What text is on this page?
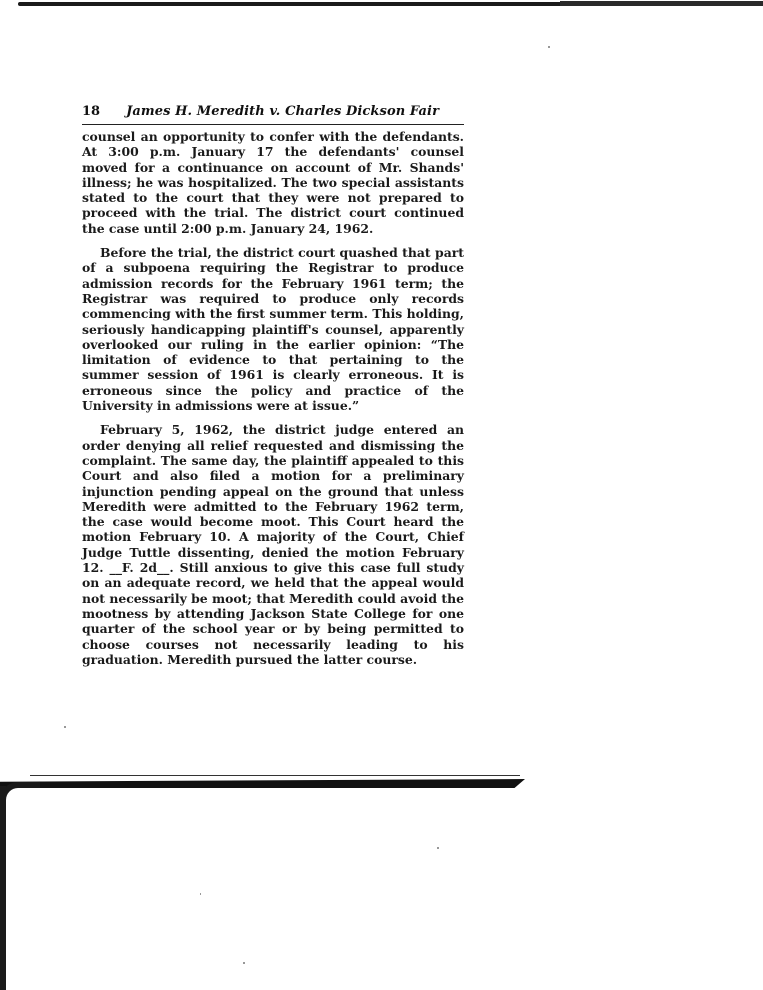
18 James H. Meredith v. Charles Dickson Fair

counsel an opportunity to confer with the defendants. At 3:00 p.m. January 17 the defendants' counsel moved for a continuance on account of Mr. Shands' illness; he was hospitalized. The two special assistants stated to the court that they were not prepared to proceed with the trial. The district court continued the case until 2:00 p.m. January 24, 1962.

Before the trial, the district court quashed that part of a subpoena requiring the Registrar to produce admission records for the February 1961 term; the Registrar was required to produce only records commencing with the first summer term. This holding, seriously handicapping plaintiff's counsel, apparently overlooked our ruling in the earlier opinion: “The limitation of evidence to that pertaining to the summer session of 1961 is clearly erroneous. It is erroneous since the policy and practice of the University in admissions were at issue.”

February 5, 1962, the district judge entered an order denying all relief requested and dismissing the complaint. The same day, the plaintiff appealed to this Court and also filed a motion for a preliminary injunction pending appeal on the ground that unless Meredith were admitted to the February 1962 term, the case would become moot. This Court heard the motion February 10. A majority of the Court, Chief Judge Tuttle dissenting, denied the motion February 12. __F. 2d__. Still anxious to give this case full study on an adequate record, we held that the appeal would not necessarily be moot; that Meredith could avoid the mootness by attending Jackson State College for one quarter of the school year or by being permitted to choose courses not necessarily leading to his graduation. Meredith pursued the latter course.
